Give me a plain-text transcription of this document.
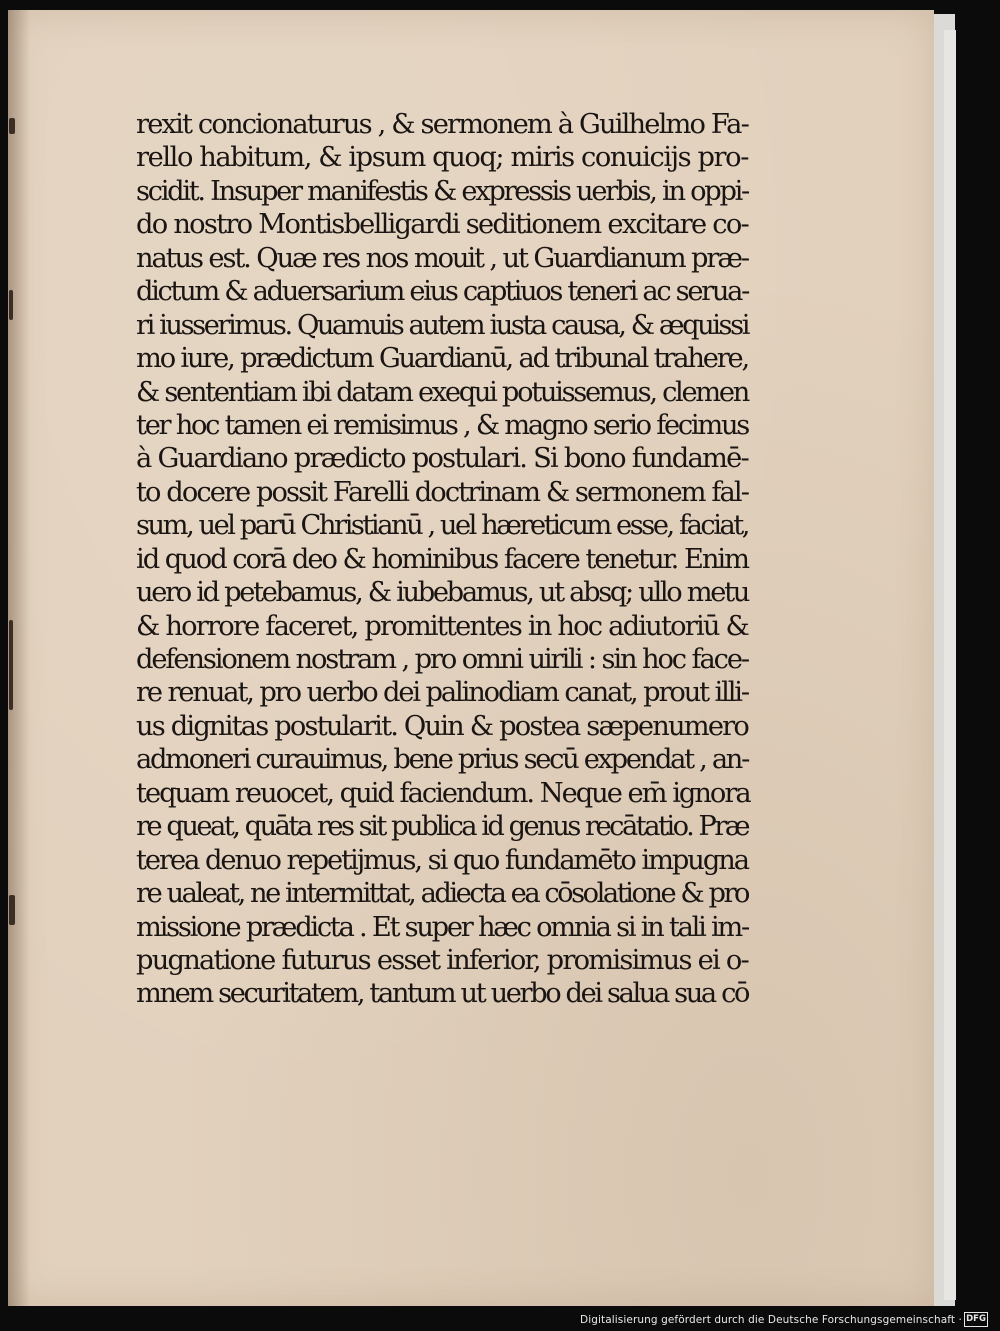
rexit concionaturus , & sermonem à Guilhelmo Fa-
rello habitum, & ipsum quoq; miris conuicijs pro-
scidit. Insuper manifestis & expressis uerbis, in oppi-
do nostro Montisbelligardi seditionem excitare co-
natus est. Quæ res nos mouit , ut Guardianum præ-
dictum & aduersarium eius captiuos teneri ac serua-
ri iusserimus. Quamuis autem iusta causa, & æquissi
mo iure, prædictum Guardianū, ad tribunal trahere,
& sententiam ibi datam exequi potuissemus, clemen
ter hoc tamen ei remisimus , & magno serio fecimus
à Guardiano prædicto postulari. Si bono fundamē-
to docere possit Farelli doctrinam & sermonem fal-
sum, uel parū Christianū , uel hæreticum esse, faciat,
id quod corā deo & hominibus facere tenetur. Enim
uero id petebamus, & iubebamus, ut absq; ullo metu
& horrore faceret, promittentes in hoc adiutoriū &
defensionem nostram , pro omni uirili : sin hoc face-
re renuat, pro uerbo dei palinodiam canat, prout illi-
us dignitas postularit. Quin & postea sæpenumero
admoneri curauimus, bene prius secū expendat , an-
tequam reuocet, quid faciendum. Neque em̄ ignora
re queat, quāta res sit publica id genus recātatio. Præ
terea denuo repetijmus, si quo fundamēto impugna
re ualeat, ne intermittat, adiecta ea cōsolatione & pro
missione prædicta . Et super hæc omnia si in tali im-
pugnatione futurus esset inferior, promisimus ei o-
mnem securitatem, tantum ut uerbo dei salua sua cō
Digitalisierung gefördert durch die Deutsche Forschungsgemeinschaft · DFG
